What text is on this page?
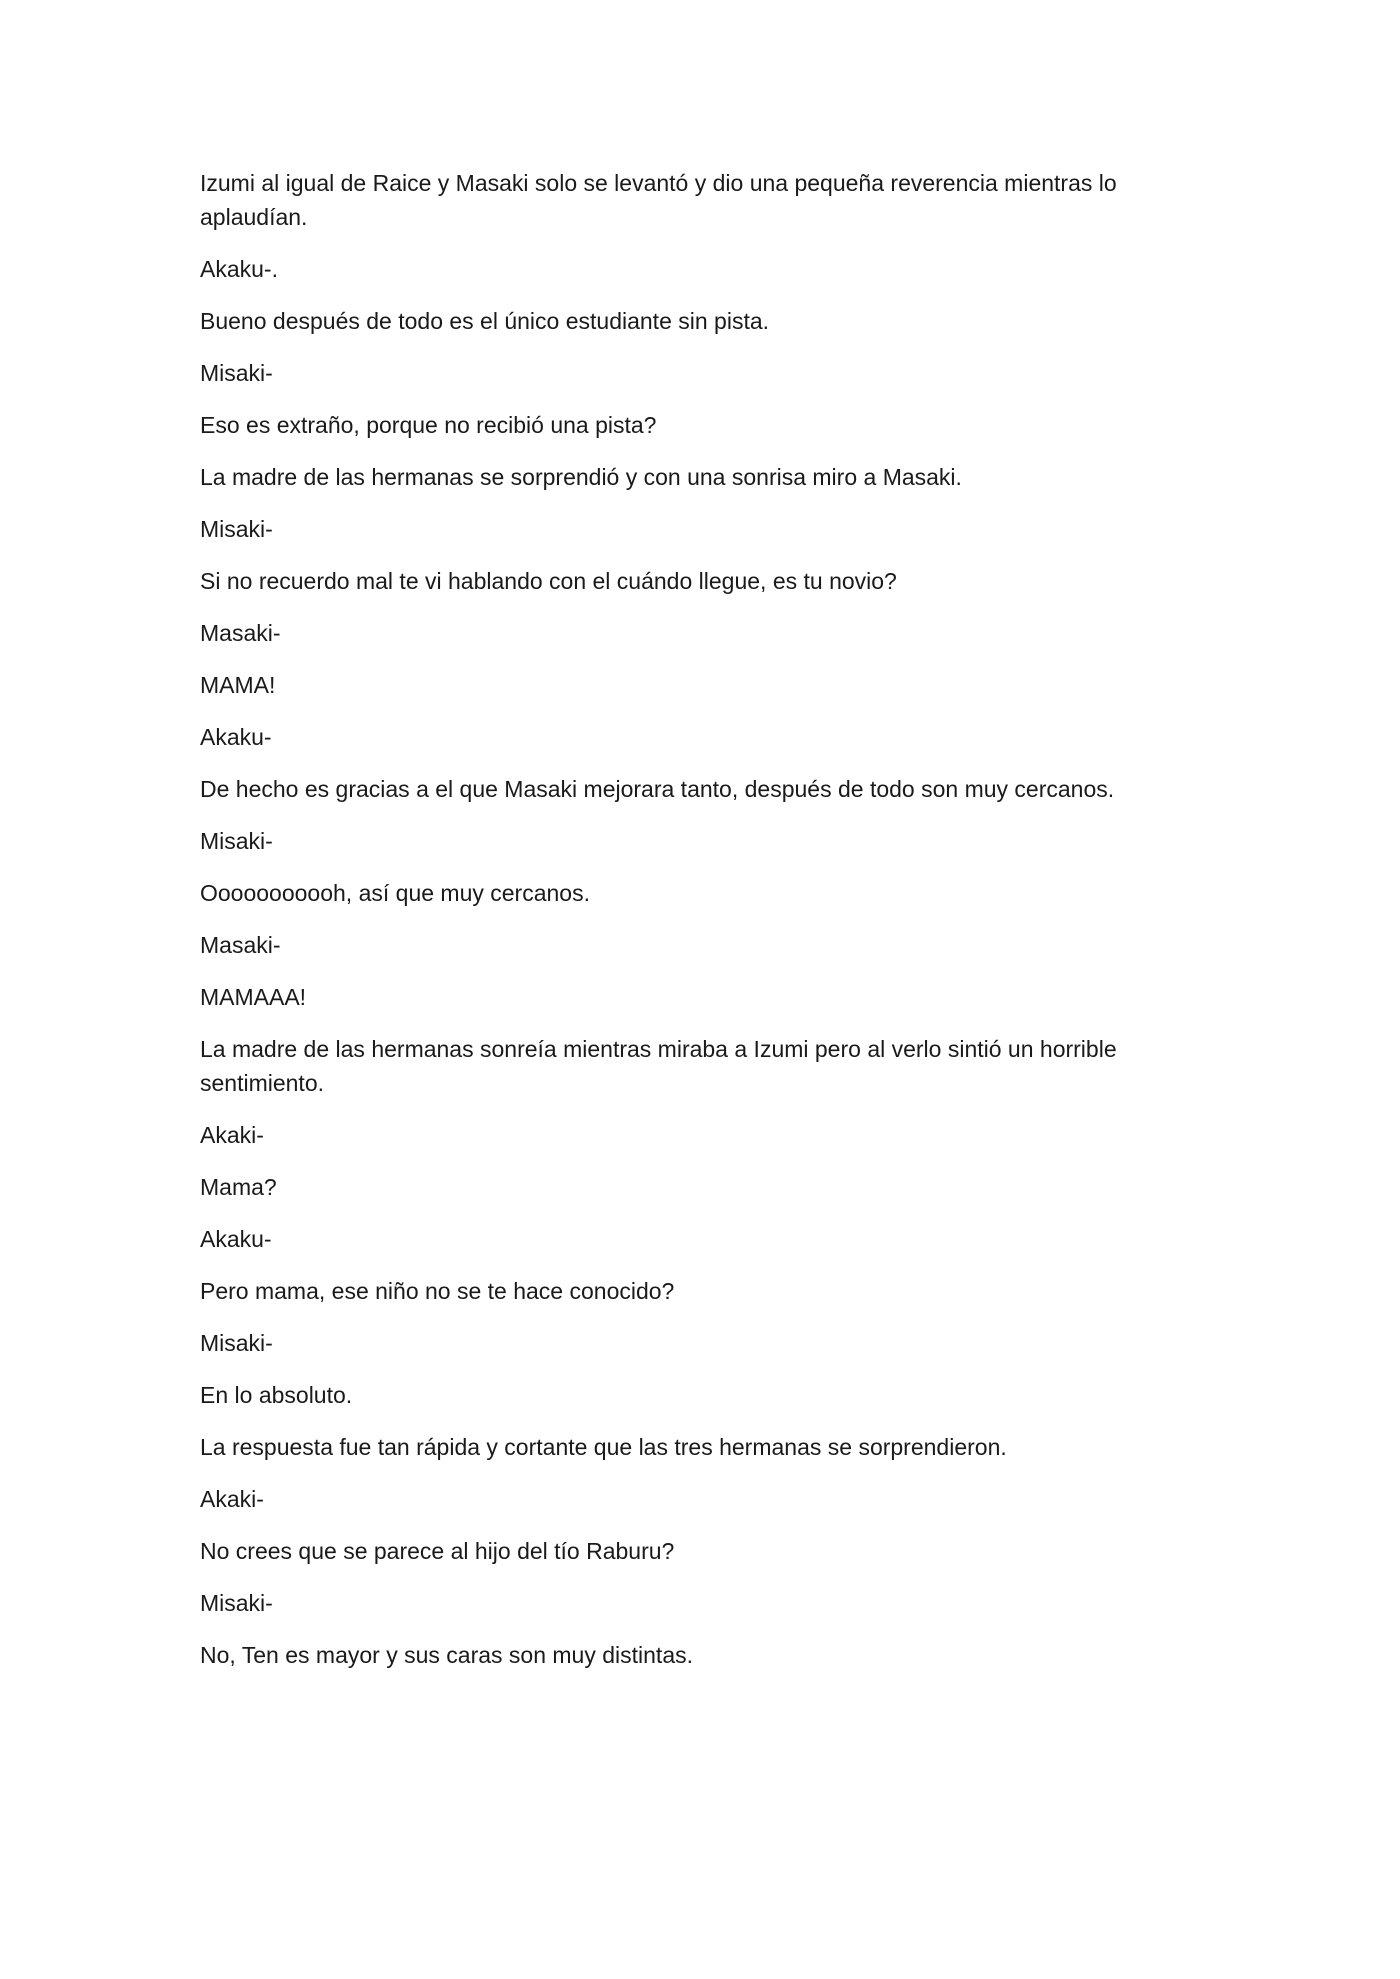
Izumi al igual de Raice y Masaki solo se levantó y dio una pequeña reverencia mientras lo aplaudían.

Akaku-.

Bueno después de todo es el único estudiante sin pista.

Misaki-

Eso es extraño, porque no recibió una pista?

La madre de las hermanas se sorprendió y con una sonrisa miro a Masaki.

Misaki-

Si no recuerdo mal te vi hablando con el cuándo llegue, es tu novio?

Masaki-

MAMA!

Akaku-

De hecho es gracias a el que Masaki mejorara tanto, después de todo son muy cercanos.

Misaki-

Ooooooooooh, así que muy cercanos.

Masaki-

MAMAAA!

La madre de las hermanas sonreía mientras miraba a Izumi pero al verlo sintió un horrible sentimiento.

Akaki-

Mama?

Akaku-

Pero mama, ese niño no se te hace conocido?

Misaki-

En lo absoluto.

La respuesta fue tan rápida y cortante que las tres hermanas se sorprendieron.

Akaki-

No crees que se parece al hijo del tío Raburu?

Misaki-

No, Ten es mayor y sus caras son muy distintas.
